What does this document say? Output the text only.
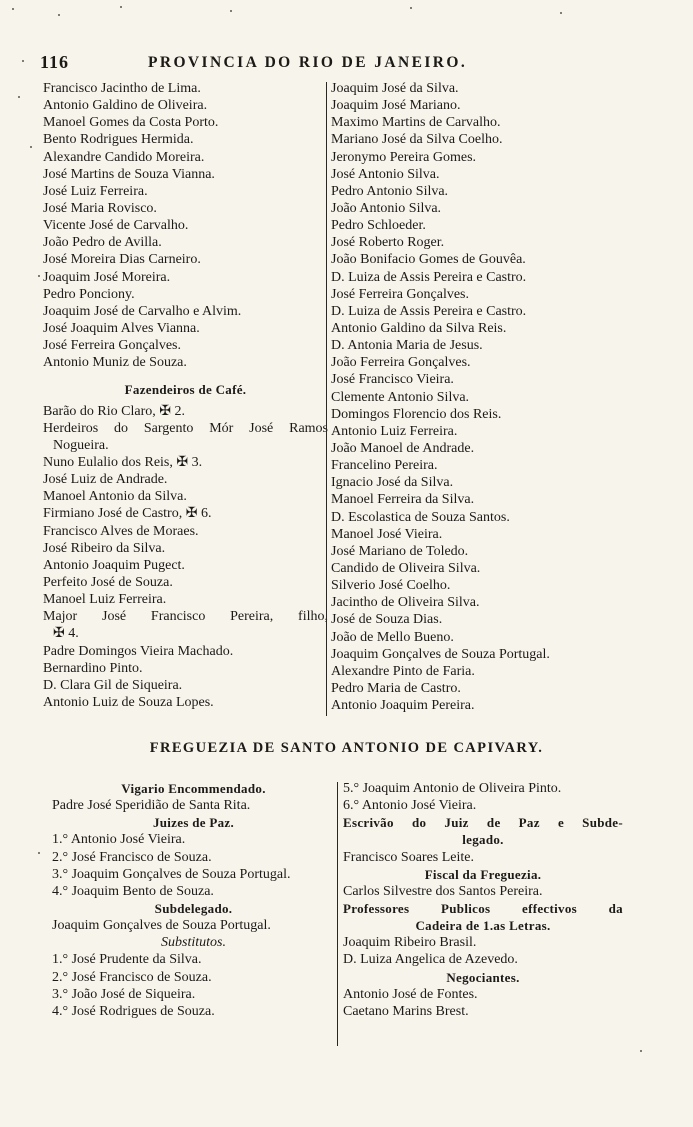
116	PROVINCIA DO RIO DE JANEIRO.
Francisco Jacintho de Lima.
Antonio Galdino de Oliveira.
Manoel Gomes da Costa Porto.
Bento Rodrigues Hermida.
Alexandre Candido Moreira.
José Martins de Souza Vianna.
José Luiz Ferreira.
José Maria Rovisco.
Vicente José de Carvalho.
João Pedro de Avilla.
José Moreira Dias Carneiro.
Joaquim José Moreira.
Pedro Ponciony.
Joaquim José de Carvalho e Alvim.
José Joaquim Alves Vianna.
José Ferreira Gonçalves.
Antonio Muniz de Souza.
Fazendeiros de Café.
Barão do Rio Claro, ✠ 2.
Herdeiros do Sargento Mór José Ramos
Nogueira.
Nuno Eulalio dos Reis, ✠ 3.
José Luiz de Andrade.
Manoel Antonio da Silva.
Firmiano José de Castro, ✠ 6.
Francisco Alves de Moraes.
José Ribeiro da Silva.
Antonio Joaquim Pugect.
Perfeito José de Souza.
Manoel Luiz Ferreira.
Major José Francisco Pereira, filho,
✠ 4.
Padre Domingos Vieira Machado.
Bernardino Pinto.
D. Clara Gil de Siqueira.
Antonio Luiz de Souza Lopes.
Joaquim José da Silva.
Joaquim José Mariano.
Maximo Martins de Carvalho.
Mariano José da Silva Coelho.
Jeronymo Pereira Gomes.
José Antonio Silva.
Pedro Antonio Silva.
João Antonio Silva.
Pedro Schloeder.
José Roberto Roger.
João Bonifacio Gomes de Gouvêa.
D. Luiza de Assis Pereira e Castro.
José Ferreira Gonçalves.
D. Luiza de Assis Pereira e Castro.
Antonio Galdino da Silva Reis.
D. Antonia Maria de Jesus.
João Ferreira Gonçalves.
José Francisco Vieira.
Clemente Antonio Silva.
Domingos Florencio dos Reis.
Antonio Luiz Ferreira.
João Manoel de Andrade.
Francelino Pereira.
Ignacio José da Silva.
Manoel Ferreira da Silva.
D. Escolastica de Souza Santos.
Manoel José Vieira.
José Mariano de Toledo.
Candido de Oliveira Silva.
Silverio José Coelho.
Jacintho de Oliveira Silva.
José de Souza Dias.
João de Mello Bueno.
Joaquim Gonçalves de Souza Portugal.
Alexandre Pinto de Faria.
Pedro Maria de Castro.
Antonio Joaquim Pereira.
FREGUEZIA DE SANTO ANTONIO DE CAPIVARY.
Vigario Encommendado.
Padre José Speridião de Santa Rita.
Juizes de Paz.
1.° Antonio José Vieira.
2.° José Francisco de Souza.
3.° Joaquim Gonçalves de Souza Portugal.
4.° Joaquim Bento de Souza.
Subdelegado.
Joaquim Gonçalves de Souza Portugal.
Substitutos.
1.° José Prudente da Silva.
2.° José Francisco de Souza.
3.° João José de Siqueira.
4.° José Rodrigues de Souza.
5.° Joaquim Antonio de Oliveira Pinto.
6.° Antonio José Vieira.
Escrivão do Juiz de Paz e Subde-
legado.
Francisco Soares Leite.
Fiscal da Freguezia.
Carlos Silvestre dos Santos Pereira.
Professores Publicos effectivos da
Cadeira de 1.as Letras.
Joaquim Ribeiro Brasil.
D. Luiza Angelica de Azevedo.
Negociantes.
Antonio José de Fontes.
Caetano Marins Brest.
